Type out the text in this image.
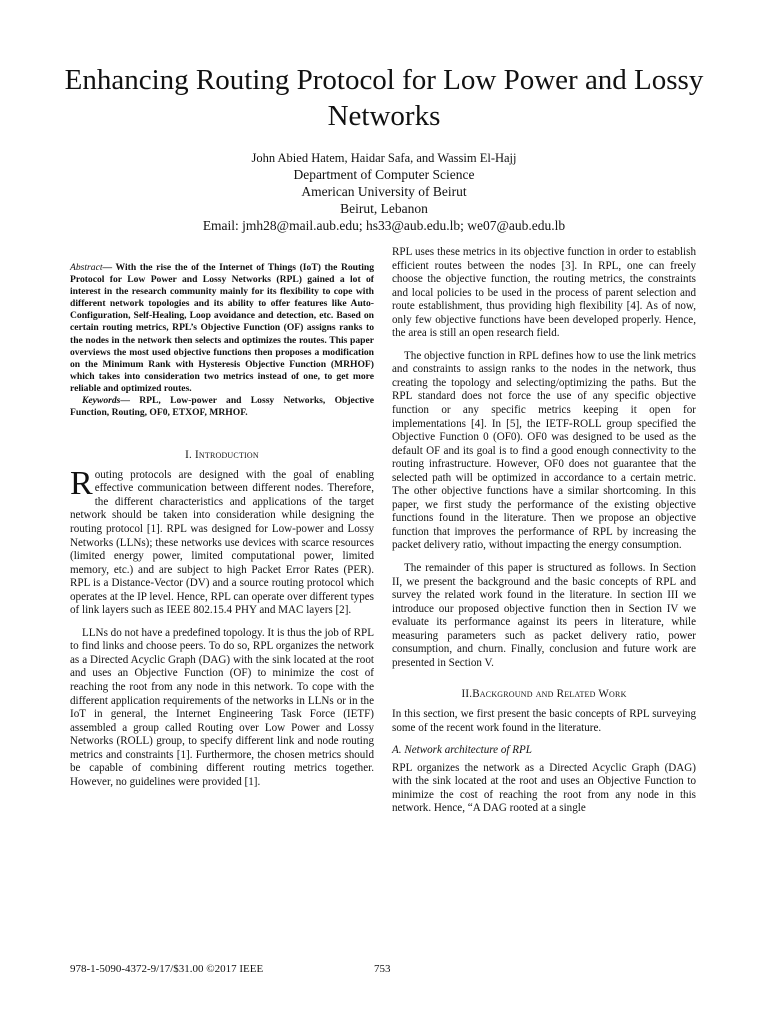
Enhancing Routing Protocol for Low Power and Lossy Networks
John Abied Hatem, Haidar Safa, and Wassim El-Hajj
Department of Computer Science
American University of Beirut
Beirut, Lebanon
Email: jmh28@mail.aub.edu; hs33@aub.edu.lb; we07@aub.edu.lb

Abstract— With the rise the of the Internet of Things (IoT) the Routing Protocol for Low Power and Lossy Networks (RPL) gained a lot of interest in the research community mainly for its flexibility to cope with different network topologies and its ability to offer features like Auto-Configuration, Self-Healing, Loop avoidance and detection, etc. Based on certain routing metrics, RPL’s Objective Function (OF) assigns ranks to the nodes in the network then selects and optimizes the routes. This paper overviews the most used objective functions then proposes a modification on the Minimum Rank with Hysteresis Objective Function (MRHOF) which takes into consideration two metrics instead of one, to get more reliable and optimized routes.

Keywords— RPL, Low-power and Lossy Networks, Objective Function, Routing, OF0, ETXOF, MRHOF.

I. Introduction

Routing protocols are designed with the goal of enabling effective communication between different nodes. Therefore, the different characteristics and applications of the target network should be taken into consideration while designing the routing protocol [1]. RPL was designed for Low-power and Lossy Networks (LLNs); these networks use devices with scarce resources (limited energy power, limited computational power, limited memory, etc.) and are subject to high Packet Error Rates (PER). RPL is a Distance-Vector (DV) and a source routing protocol which operates at the IP level. Hence, RPL can operate over different types of link layers such as IEEE 802.15.4 PHY and MAC layers [2].

LLNs do not have a predefined topology. It is thus the job of RPL to find links and choose peers. To do so, RPL organizes the network as a Directed Acyclic Graph (DAG) with the sink located at the root and uses an Objective Function (OF) to minimize the cost of reaching the root from any node in this network. To cope with the different application requirements of the networks in LLNs or in the IoT in general, the Internet Engineering Task Force (IETF) assembled a group called Routing over Low Power and Lossy Networks (ROLL) group, to specify different link and node routing metrics and constraints [1]. Furthermore, the chosen metrics should be capable of combining different routing metrics together. However, no guidelines were provided [1].

RPL uses these metrics in its objective function in order to establish efficient routes between the nodes [3]. In RPL, one can freely choose the objective function, the routing metrics, the constraints and local policies to be used in the process of parent selection and route establishment, thus providing high flexibility [4]. As of now, only few objective functions have been developed properly. Hence, the area is still an open research field.

The objective function in RPL defines how to use the link metrics and constraints to assign ranks to the nodes in the network, thus creating the topology and selecting/optimizing the paths. But the RPL standard does not force the use of any specific objective function or any specific metrics keeping it open for implementations [4]. In [5], the IETF-ROLL group specified the Objective Function 0 (OF0). OF0 was designed to be used as the default OF and its goal is to find a good enough connectivity to the routing infrastructure. However, OF0 does not guarantee that the selected path will be optimized in accordance to a certain metric. The other objective functions have a similar shortcoming. In this paper, we first study the performance of the existing objective functions found in the literature. Then we propose an objective function that improves the performance of RPL by increasing the packet delivery ratio, without impacting the energy consumption.

The remainder of this paper is structured as follows. In Section II, we present the background and the basic concepts of RPL and survey the related work found in the literature. In section III we introduce our proposed objective function then in Section IV we evaluate its performance against its peers in literature, while measuring parameters such as packet delivery ratio, power consumption, and churn. Finally, conclusion and future work are presented in Section V.

II.Background and Related Work

In this section, we first present the basic concepts of RPL surveying some of the recent work found in the literature.

A. Network architecture of RPL

RPL organizes the network as a Directed Acyclic Graph (DAG) with the sink located at the root and uses an Objective Function to minimize the cost of reaching the root from any node in this network. Hence, “A DAG rooted at a single

978-1-5090-4372-9/17/$31.00 ©2017 IEEE	753
